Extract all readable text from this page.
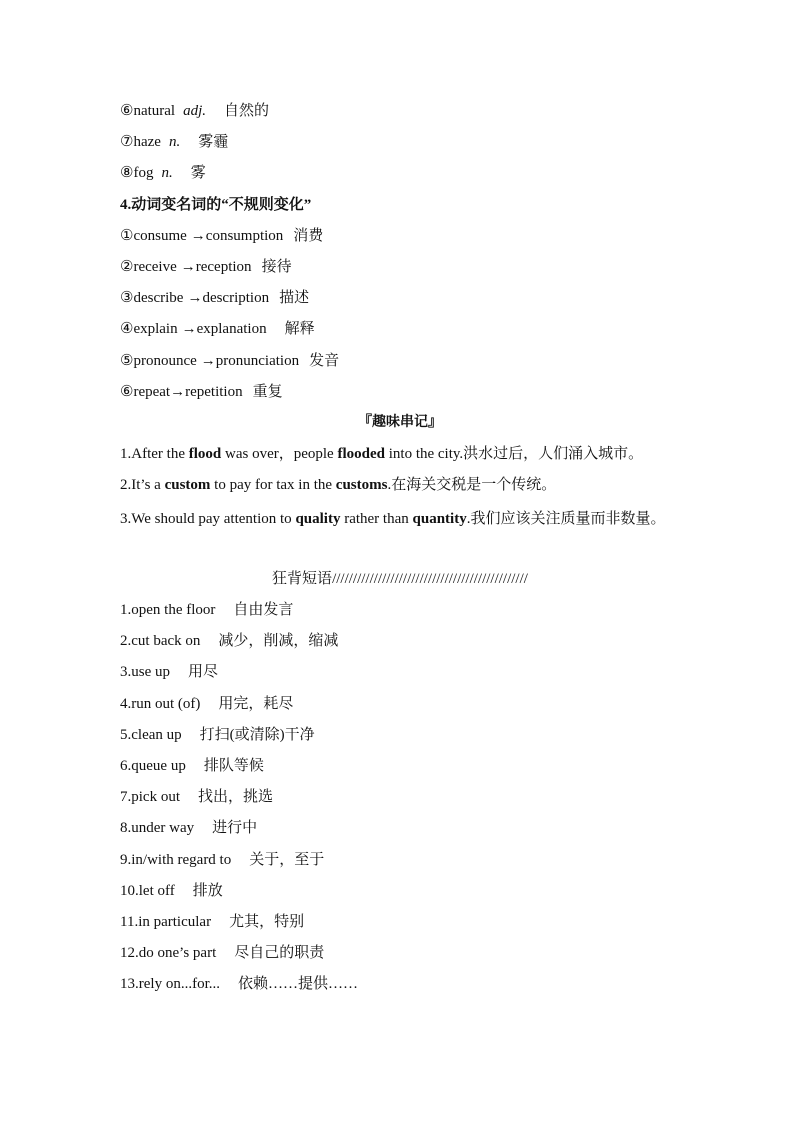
⑥natural adj. 自然的
⑦haze n. 雾霾
⑧fog n. 雾
4.动词变名词的“不规则变化”
①consume →consumption 消费
②receive →reception 接待
③describe →description 描述
④explain →explanation 解释
⑤pronounce →pronunciation 发音
⑥repeat→repetition 重复
『趣味串记』
1.After the flood was over，people flooded into the city.洪水过后，人们涌入城市。
2.It’s a custom to pay for tax in the customs.在海关交税是一个传统。
3.We should pay attention to quality rather than quantity.我们应该关注质量而非数量。
狂背短语///////////////////////////////////////////////
1.open the floor 自由发言
2.cut back on 减少，削减，缩减
3.use up 用尽
4.run out (of) 用完，耗尽
5.clean up 打扫(或清除)干净
6.queue up 排队等候
7.pick out 找出，挑选
8.under way 进行中
9.in/with regard to 关于，至于
10.let off 排放
11.in particular 尤其，特别
12.do one’s part 尽自己的职责
13.rely on...for... 依赖……提供……
